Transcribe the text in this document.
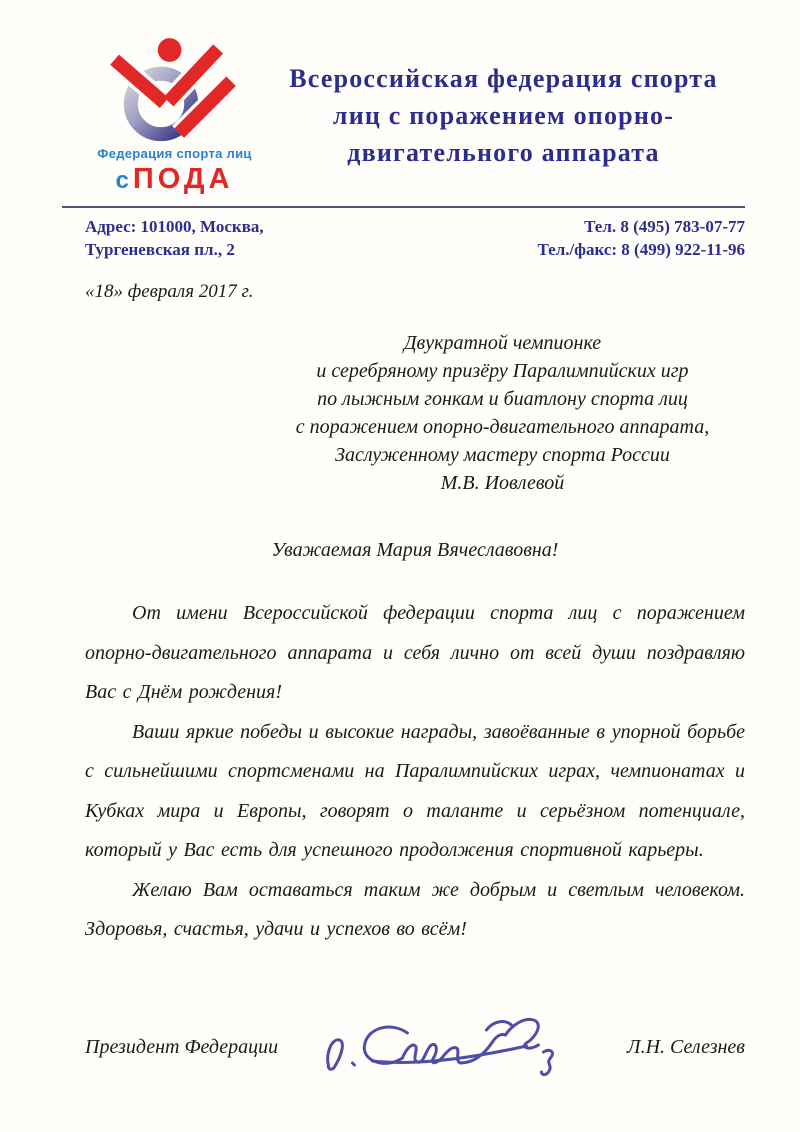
Федерация спорта лиц
сПОДА
Всероссийская федерация спорта
лиц с поражением опорно-
двигательного аппарата
Адрес: 101000, Москва,
Тургеневская пл., 2
Тел. 8 (495) 783-07-77
Тел./факс: 8 (499) 922-11-96
«18» февраля 2017 г.
Двукратной чемпионке
и серебряному призёру Паралимпийских игр
по лыжным гонкам и биатлону спорта лиц
с поражением опорно-двигательного аппарата,
Заслуженному мастеру спорта России
М.В. Иовлевой
Уважаемая Мария Вячеславовна!

От имени Всероссийской федерации спорта лиц с поражением опорно-двигательного аппарата и себя лично от всей души поздравляю Вас с Днём рождения!

Ваши яркие победы и высокие награды, завоёванные в упорной борьбе с сильнейшими спортсменами на Паралимпийских играх, чемпионатах и Кубках мира и Европы, говорят о таланте и серьёзном потенциале, который у Вас есть для успешного продолжения спортивной карьеры.

Желаю Вам оставаться таким же добрым и светлым человеком. Здоровья, счастья, удачи и успехов во всём!

Президент Федерации	Л.Н. Селезнев
